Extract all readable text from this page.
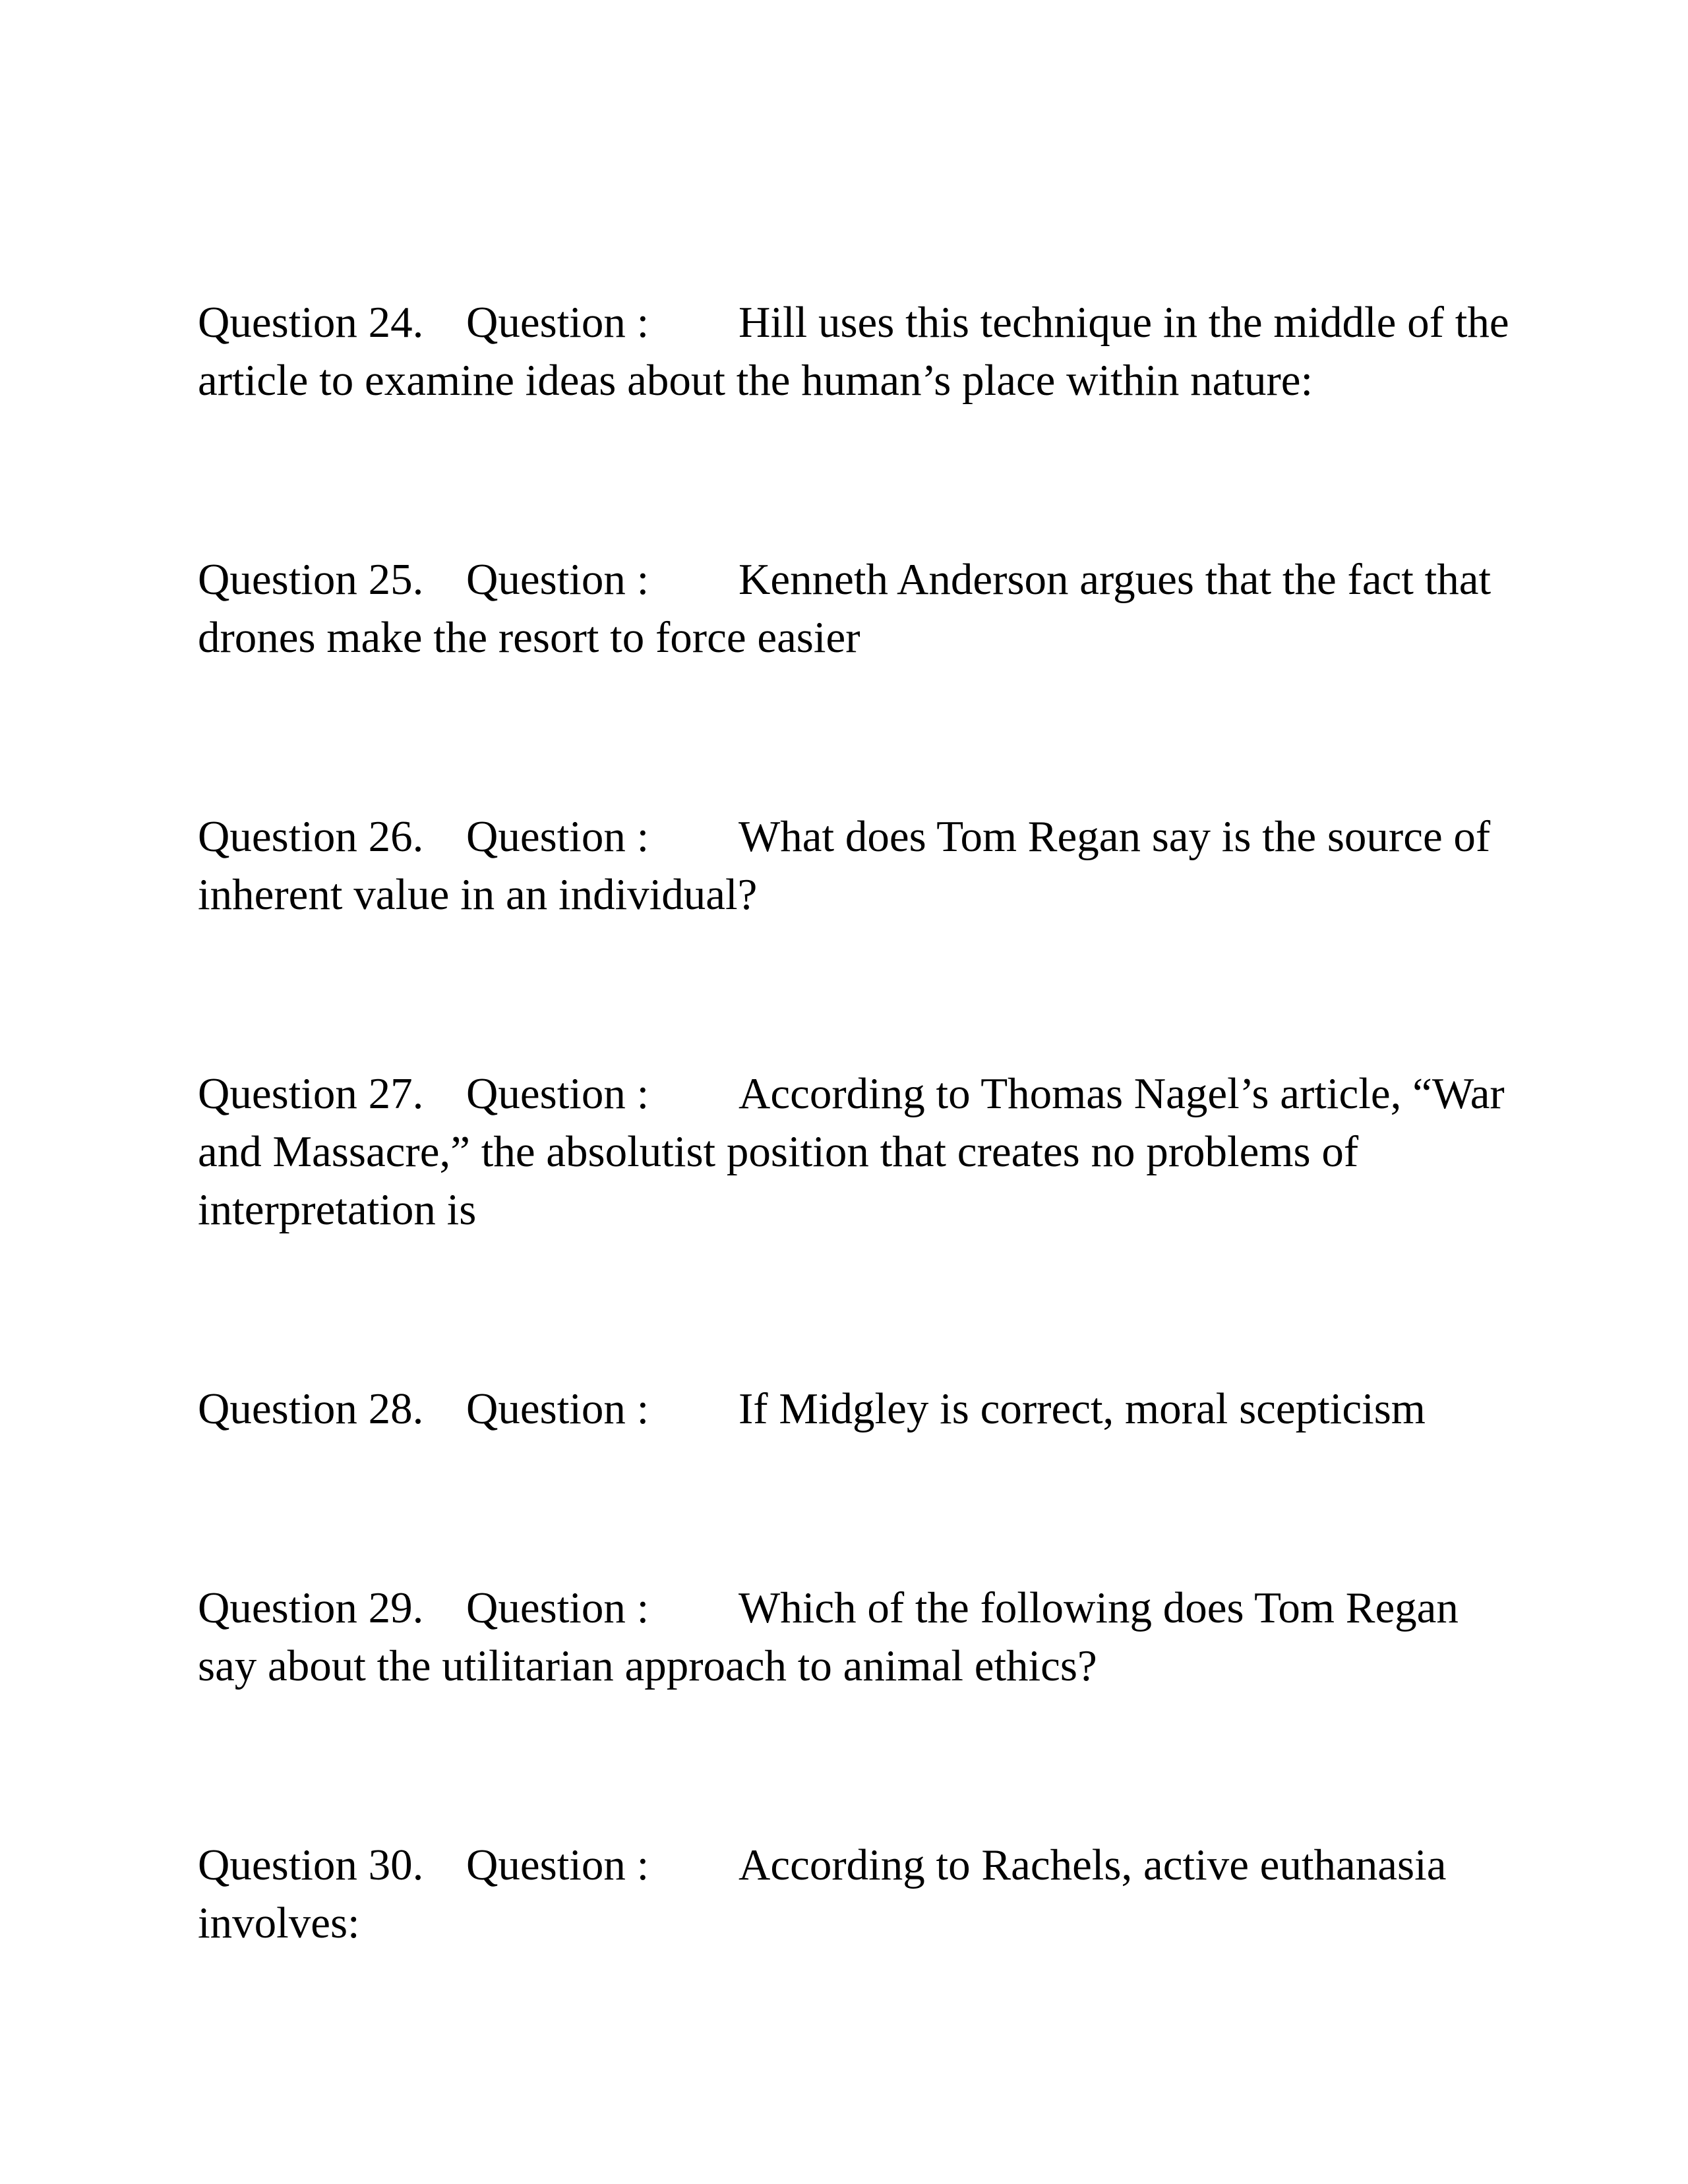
Question 24. Question : Hill uses this technique in the middle of the article to examine ideas about the human’s place within nature:

Question 25. Question : Kenneth Anderson argues that the fact that drones make the resort to force easier

Question 26. Question : What does Tom Regan say is the source of inherent value in an individual?

Question 27. Question : According to Thomas Nagel’s article, “War and Massacre,” the absolutist position that creates no problems of interpretation is

Question 28. Question : If Midgley is correct, moral scepticism

Question 29. Question : Which of the following does Tom Regan say about the utilitarian approach to animal ethics?

Question 30. Question : According to Rachels, active euthanasia involves:
